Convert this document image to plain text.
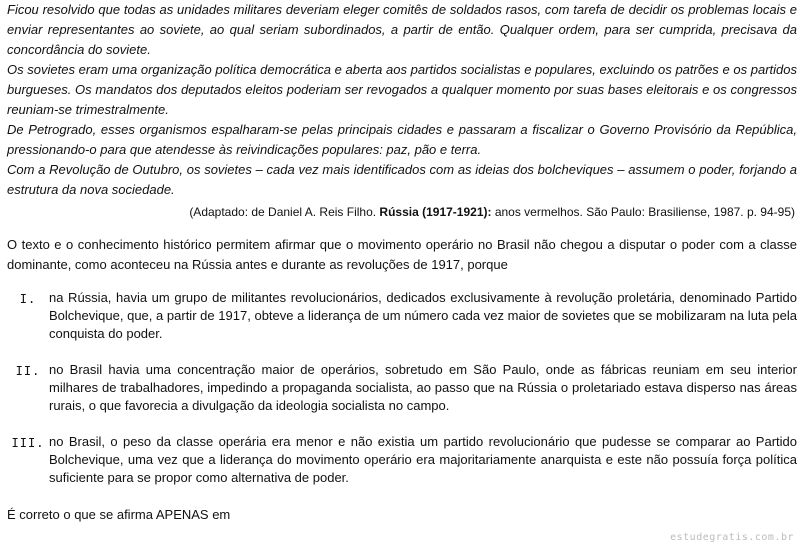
Ficou resolvido que todas as unidades militares deveriam eleger comitês de soldados rasos, com tarefa de decidir os problemas locais e enviar representantes ao soviete, ao qual seriam subordinados, a partir de então. Qualquer ordem, para ser cumprida, precisava da concordância do soviete.

Os sovietes eram uma organização política democrática e aberta aos partidos socialistas e populares, excluindo os patrões e os partidos burgueses. Os mandatos dos deputados eleitos poderiam ser revogados a qualquer momento por suas bases eleitorais e os congressos reuniam-se trimestralmente.

De Petrogrado, esses organismos espalharam-se pelas principais cidades e passaram a fiscalizar o Governo Provisório da República, pressionando-o para que atendesse às reivindicações populares: paz, pão e terra.

Com a Revolução de Outubro, os sovietes – cada vez mais identificados com as ideias dos bolcheviques – assumem o poder, forjando a estrutura da nova sociedade.

(Adaptado: de Daniel A. Reis Filho. Rússia (1917-1921): anos vermelhos. São Paulo: Brasiliense, 1987. p. 94-95)
O texto e o conhecimento histórico permitem afirmar que o movimento operário no Brasil não chegou a disputar o poder com a classe dominante, como aconteceu na Rússia antes e durante as revoluções de 1917, porque
I. na Rússia, havia um grupo de militantes revolucionários, dedicados exclusivamente à revolução proletária, denominado Partido Bolchevique, que, a partir de 1917, obteve a liderança de um número cada vez maior de sovietes que se mobilizaram na luta pela conquista do poder.
II. no Brasil havia uma concentração maior de operários, sobretudo em São Paulo, onde as fábricas reuniam em seu interior milhares de trabalhadores, impedindo a propaganda socialista, ao passo que na Rússia o proletariado estava disperso nas áreas rurais, o que favorecia a divulgação da ideologia socialista no campo.
III. no Brasil, o peso da classe operária era menor e não existia um partido revolucionário que pudesse se comparar ao Partido Bolchevique, uma vez que a liderança do movimento operário era majoritariamente anarquista e este não possuía força política suficiente para se propor como alternativa de poder.
É correto o que se afirma APENAS em
estudegratis.com.br
